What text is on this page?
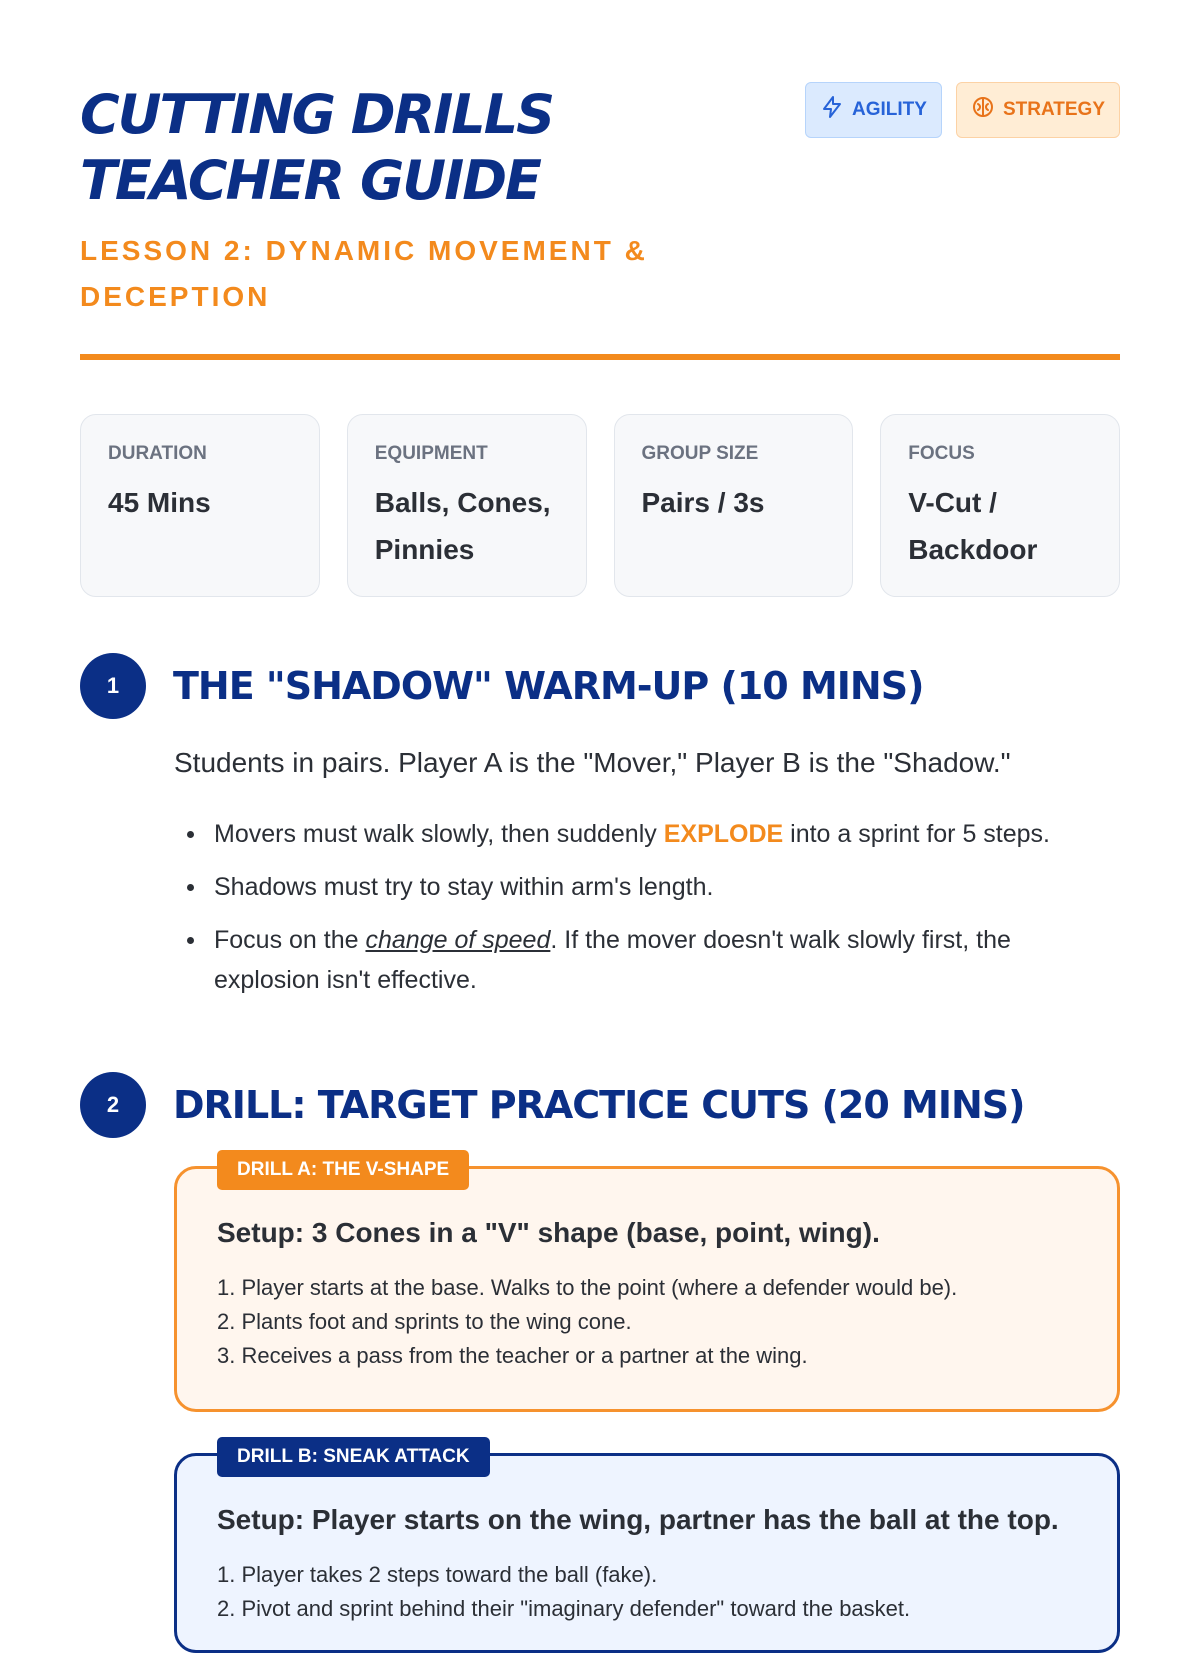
CUTTING DRILLS
TEACHER GUIDE
LESSON 2: DYNAMIC MOVEMENT & DECEPTION
AGILITY	STRATEGY
DURATION
45 Mins
EQUIPMENT
Balls, Cones, Pinnies
GROUP SIZE
Pairs / 3s
FOCUS
V-Cut / Backdoor
1	THE "SHADOW" WARM-UP (10 MINS)
Students in pairs. Player A is the "Mover," Player B is the "Shadow."
Movers must walk slowly, then suddenly EXPLODE into a sprint for 5 steps.
Shadows must try to stay within arm's length.
Focus on the change of speed. If the mover doesn't walk slowly first, the explosion isn't effective.
2	DRILL: TARGET PRACTICE CUTS (20 MINS)
DRILL A: THE V-SHAPE
Setup: 3 Cones in a "V" shape (base, point, wing).
1. Player starts at the base. Walks to the point (where a defender would be).
2. Plants foot and sprints to the wing cone.
3. Receives a pass from the teacher or a partner at the wing.
DRILL B: SNEAK ATTACK
Setup: Player starts on the wing, partner has the ball at the top.
1. Player takes 2 steps toward the ball (fake).
2. Pivot and sprint behind their "imaginary defender" toward the basket.
